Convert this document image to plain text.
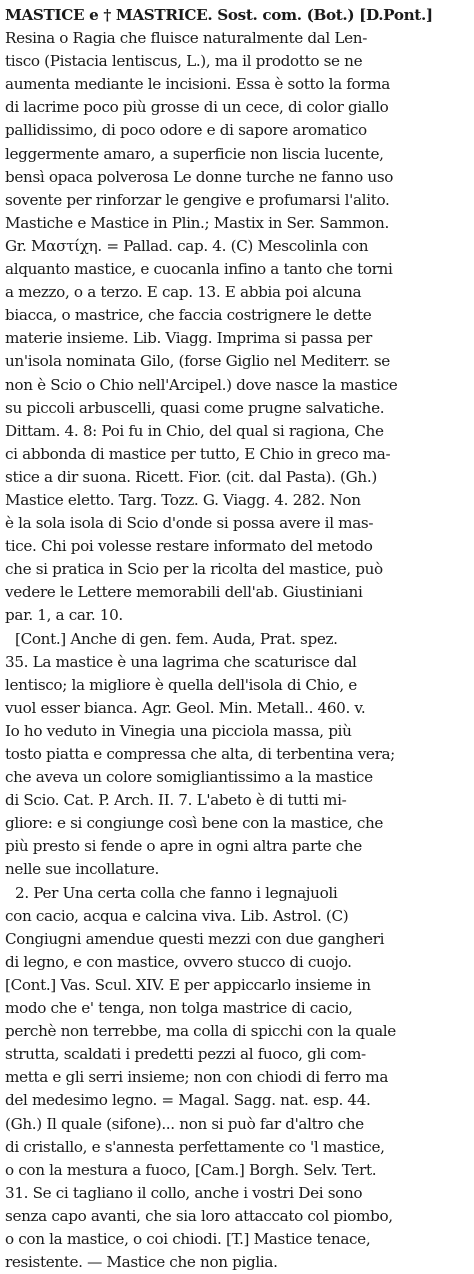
MASTICE e † MASTRICE. Sost. com. (Bot.) [D.Pont.]
Resina o Ragia che fluisce naturalmente dal Len-
tisco (Pistacia lentiscus, L.), ma il prodotto se ne
aumenta mediante le incisioni. Essa è sotto la forma
di lacrime poco più grosse di un cece, di color giallo
pallidissimo, di poco odore e di sapore aromatico
leggermente amaro, a superficie non liscia lucente,
bensì opaca polverosa Le donne turche ne fanno uso
sovente per rinforzar le gengive e profumarsi l'alito.
Mastiche e Mastice in Plin.; Mastix in Ser. Sammon.
Gr. Μαστίχη. = Pallad. cap. 4. (C) Mescolinla con
alquanto mastice, e cuocanla infino a tanto che torni
a mezzo, o a terzo. E cap. 13. E abbia poi alcuna
biacca, o mastrice, che faccia costrignere le dette
materie insieme. Lib. Viagg. Imprima si passa per
un'isola nominata Gilo, (forse Giglio nel Mediterr. se
non è Scio o Chio nell'Arcipel.) dove nasce la mastice
su piccoli arbuscelli, quasi come prugne salvatiche.
Dittam. 4. 8: Poi fu in Chio, del qual si ragiona, Che
ci abbonda di mastice per tutto, E Chio in greco ma-
stice a dir suona. Ricett. Fior. (cit. dal Pasta). (Gh.)
Mastice eletto. Targ. Tozz. G. Viagg. 4. 282. Non
è la sola isola di Scio d'onde si possa avere il mas-
tice. Chi poi volesse restare informato del metodo
che si pratica in Scio per la ricolta del mastice, può
vedere le Lettere memorabili dell'ab. Giustiniani
par. 1, a car. 10.
[Cont.] Anche di gen. fem. Auda, Prat. spez.
35. La mastice è una lagrima che scaturisce dal
lentisco; la migliore è quella dell'isola di Chio, e
vuol esser bianca. Agr. Geol. Min. Metall.. 460. v.
Io ho veduto in Vinegia una picciola massa, più
tosto piatta e compressa che alta, di terbentina vera;
che aveva un colore somigliantissimo a la mastice
di Scio. Cat. P. Arch. II. 7. L'abeto è di tutti mi-
gliore: e si congiunge così bene con la mastice, che
più presto si fende o apre in ogni altra parte che
nelle sue incollature.
2. Per Una certa colla che fanno i legnajuoli
con cacio, acqua e calcina viva. Lib. Astrol. (C)
Congiugni amendue questi mezzi con due gangheri
di legno, e con mastice, ovvero stucco di cuojo.
[Cont.] Vas. Scul. XIV. E per appiccarlo insieme in
modo che e' tenga, non tolga mastrice di cacio,
perchè non terrebbe, ma colla di spicchi con la quale
strutta, scaldati i predetti pezzi al fuoco, gli com-
metta e gli serri insieme; non con chiodi di ferro ma
del medesimo legno. = Magal. Sagg. nat. esp. 44.
(Gh.) Il quale (sifone)... non si può far d'altro che
di cristallo, e s'annesta perfettamente co 'l mastice,
o con la mestura a fuoco, [Cam.] Borgh. Selv. Tert.
31. Se ci tagliano il collo, anche i vostri Dei sono
senza capo avanti, che sia loro attaccato col piombo,
o con la mastice, o coi chiodi. [T.] Mastice tenace,
resistente. — Mastice che non piglia.
